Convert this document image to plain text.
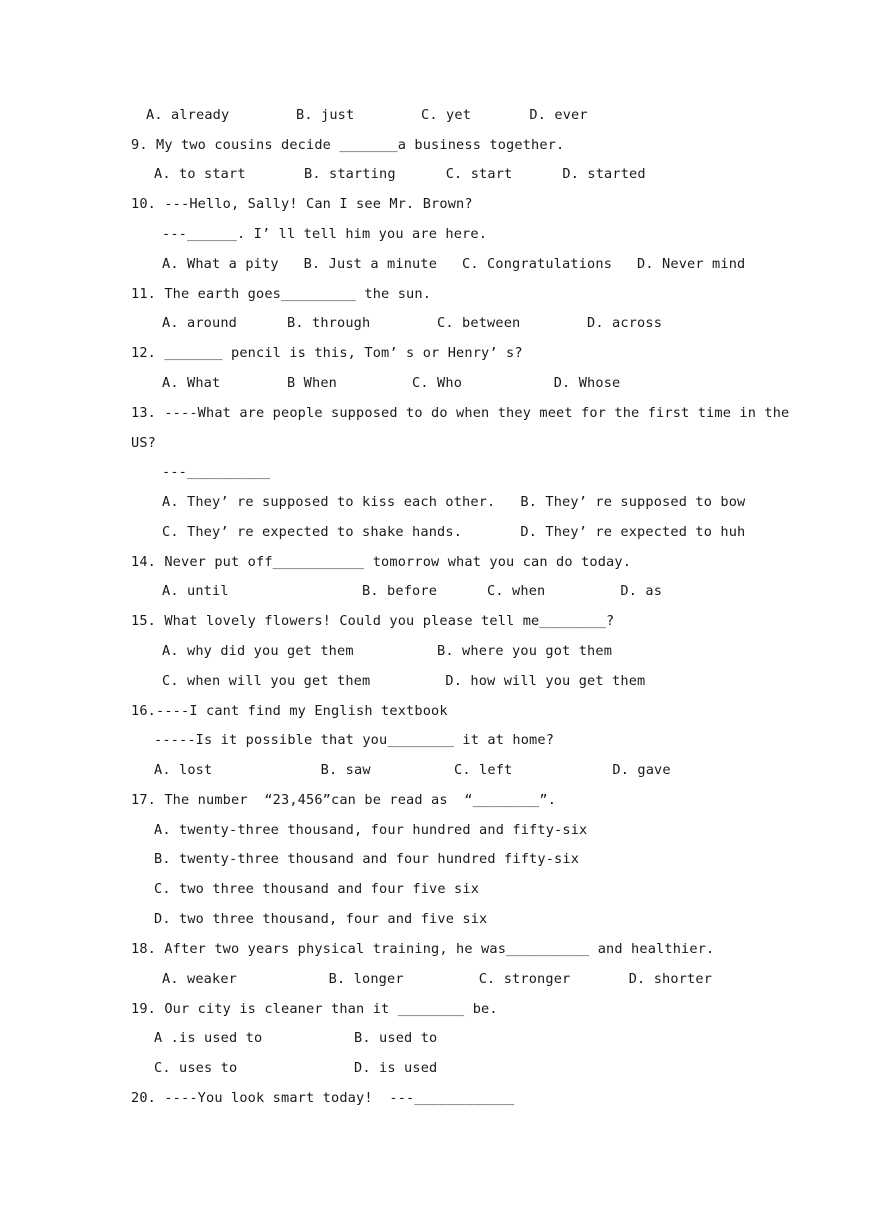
A. already        B. just        C. yet       D. ever
9. My two cousins decide _______a business together.
A. to start       B. starting      C. start      D. started
10. ---Hello, Sally! Can I see Mr. Brown?
---______. I’ ll tell him you are here.
A. What a pity   B. Just a minute   C. Congratulations   D. Never mind
11. The earth goes_________ the sun.
A. around      B. through        C. between        D. across
12. _______ pencil is this, Tom’ s or Henry’ s?
A. What        B When         C. Who           D. Whose
13. ----What are people supposed to do when they meet for the first time in the
US?
---__________
A. They’ re supposed to kiss each other.   B. They’ re supposed to bow
C. They’ re expected to shake hands.       D. They’ re expected to huh
14. Never put off___________ tomorrow what you can do today.
A. until                B. before      C. when         D. as
15. What lovely flowers! Could you please tell me________?
A. why did you get them          B. where you got them
C. when will you get them         D. how will you get them
16.----I cant find my English textbook
-----Is it possible that you________ it at home?
A. lost             B. saw          C. left            D. gave
17. The number  “23,456”can be read as  “________”.
A. twenty-three thousand, four hundred and fifty-six
B. twenty-three thousand and four hundred fifty-six
C. two three thousand and four five six
D. two three thousand, four and five six
18. After two years physical training, he was__________ and healthier.
A. weaker           B. longer         C. stronger       D. shorter
19. Our city is cleaner than it ________ be.
A .is used to           B. used to
C. uses to              D. is used
20. ----You look smart today!  ---____________
